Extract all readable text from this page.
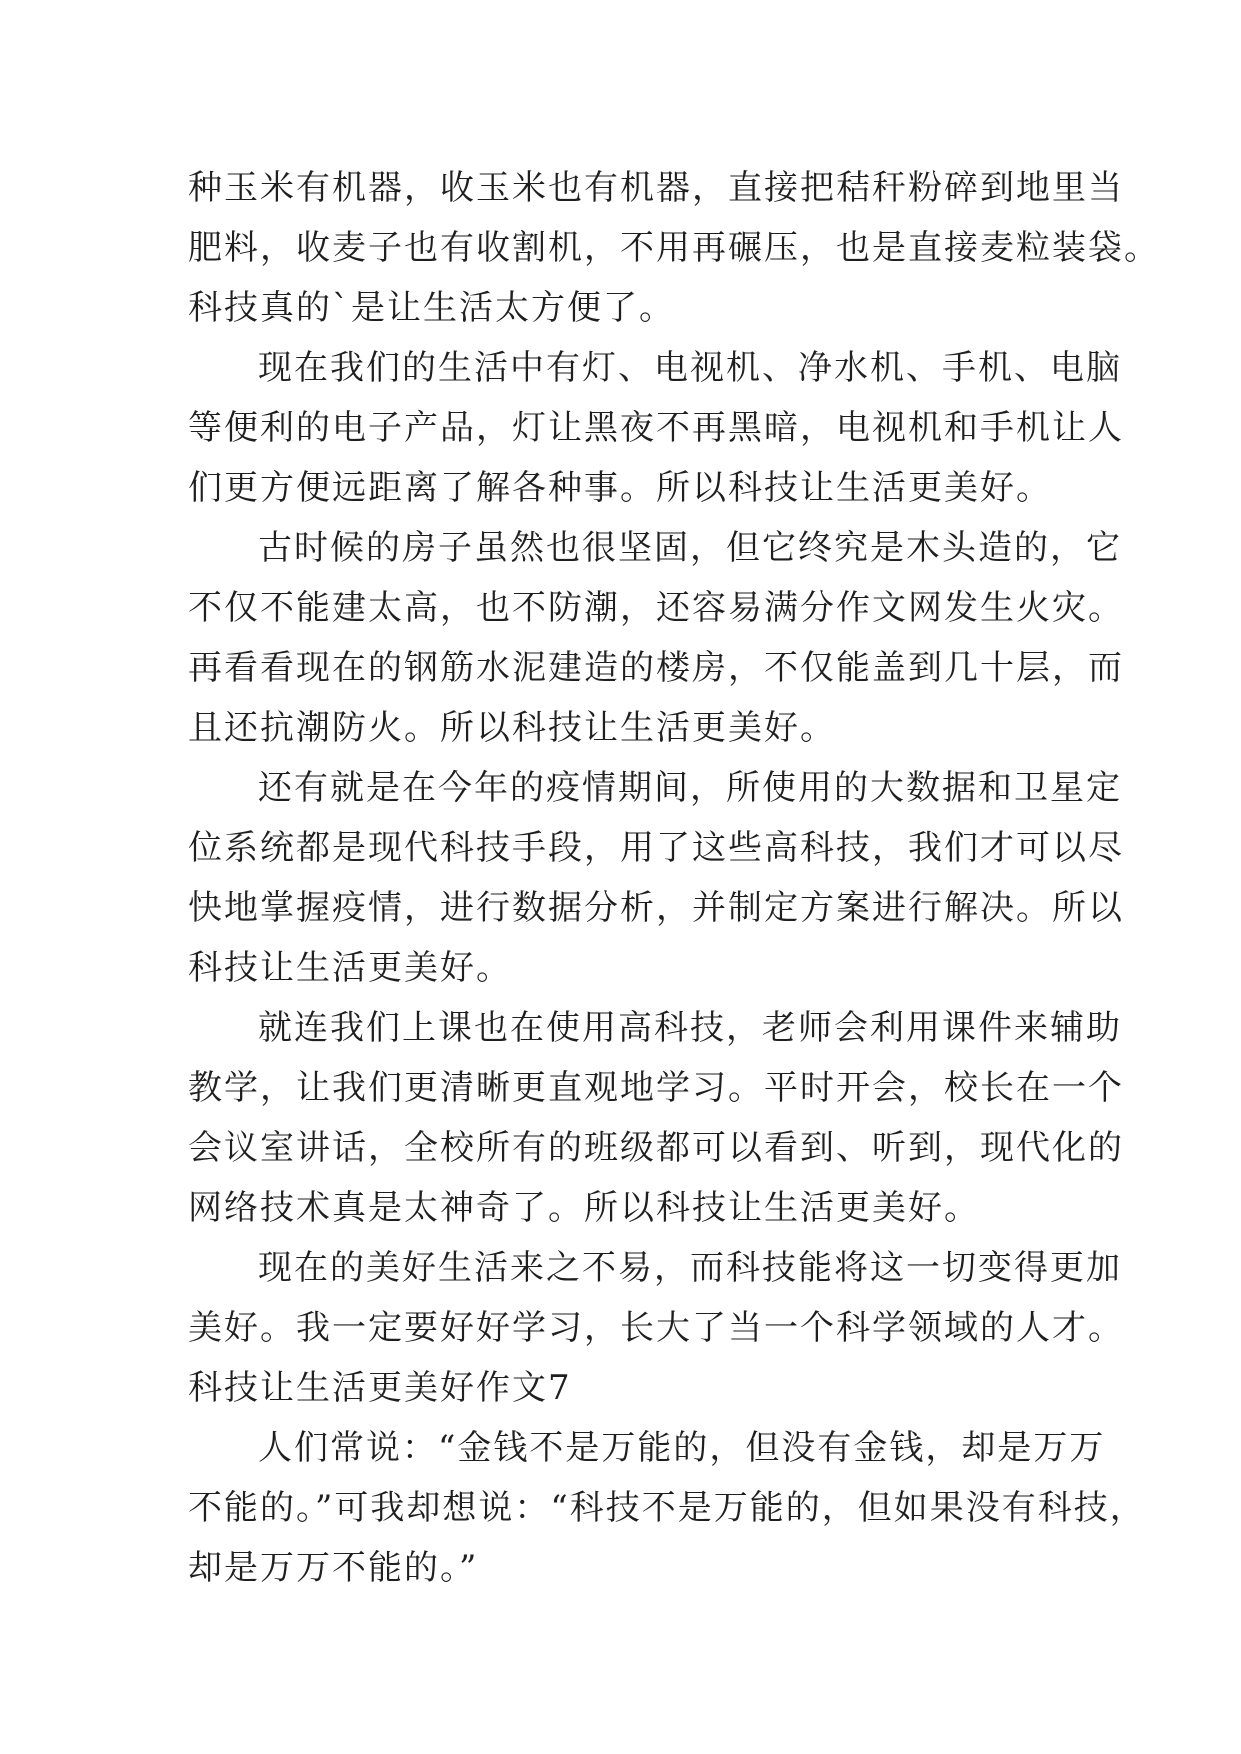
种玉米有机器，收玉米也有机器，直接把秸秆粉碎到地里当
肥料，收麦子也有收割机，不用再碾压，也是直接麦粒装袋。
科技真的`是让生活太方便了。
现在我们的生活中有灯、电视机、净水机、手机、电脑
等便利的电子产品，灯让黑夜不再黑暗，电视机和手机让人
们更方便远距离了解各种事。所以科技让生活更美好。
古时候的房子虽然也很坚固，但它终究是木头造的，它
不仅不能建太高，也不防潮，还容易满分作文网发生火灾。
再看看现在的钢筋水泥建造的楼房，不仅能盖到几十层，而
且还抗潮防火。所以科技让生活更美好。
还有就是在今年的疫情期间，所使用的大数据和卫星定
位系统都是现代科技手段，用了这些高科技，我们才可以尽
快地掌握疫情，进行数据分析，并制定方案进行解决。所以
科技让生活更美好。
就连我们上课也在使用高科技，老师会利用课件来辅助
教学，让我们更清晰更直观地学习。平时开会，校长在一个
会议室讲话，全校所有的班级都可以看到、听到，现代化的
网络技术真是太神奇了。所以科技让生活更美好。
现在的美好生活来之不易，而科技能将这一切变得更加
美好。我一定要好好学习，长大了当一个科学领域的人才。
科技让生活更美好作文7
人们常说：“金钱不是万能的，但没有金钱，却是万万
不能的。”可我却想说：“科技不是万能的，但如果没有科技，
却是万万不能的。”
